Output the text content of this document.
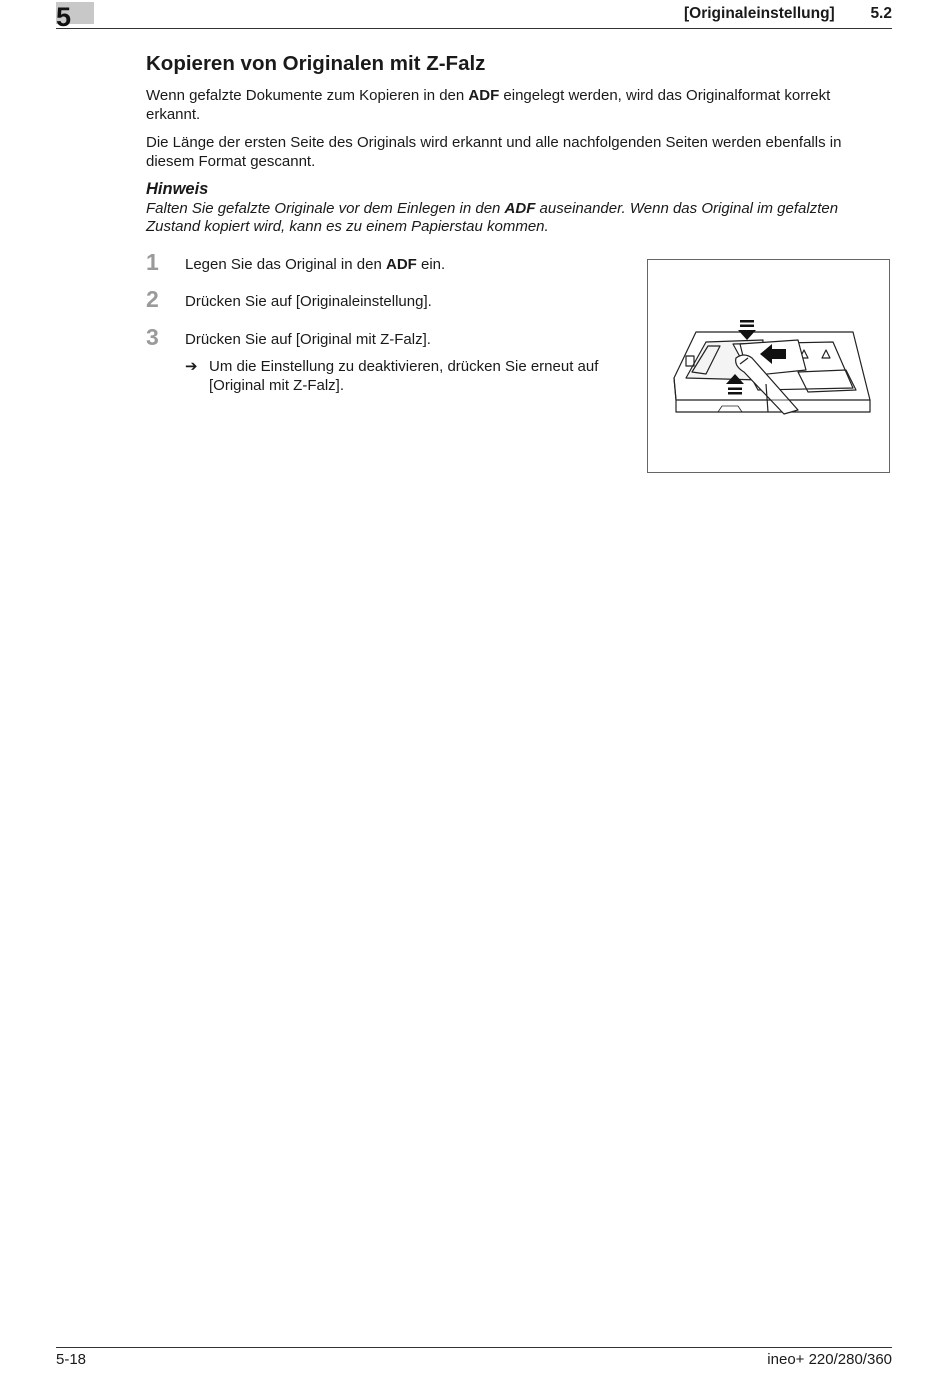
5	[Originaleinstellung] 5.2
Kopieren von Originalen mit Z-Falz

Wenn gefalzte Dokumente zum Kopieren in den ADF eingelegt werden, wird das Originalformat korrekt erkannt.

Die Länge der ersten Seite des Originals wird erkannt und alle nachfolgenden Seiten werden ebenfalls in diesem Format gescannt.

Hinweis

Falten Sie gefalzte Originale vor dem Einlegen in den ADF auseinander. Wenn das Original im gefalzten Zustand kopiert wird, kann es zu einem Papierstau kommen.

1 Legen Sie das Original in den ADF ein.
2 Drücken Sie auf [Originaleinstellung].
3 Drücken Sie auf [Original mit Z-Falz].
➔ Um die Einstellung zu deaktivieren, drücken Sie erneut auf [Original mit Z-Falz].

5-18	ineo+ 220/280/360
